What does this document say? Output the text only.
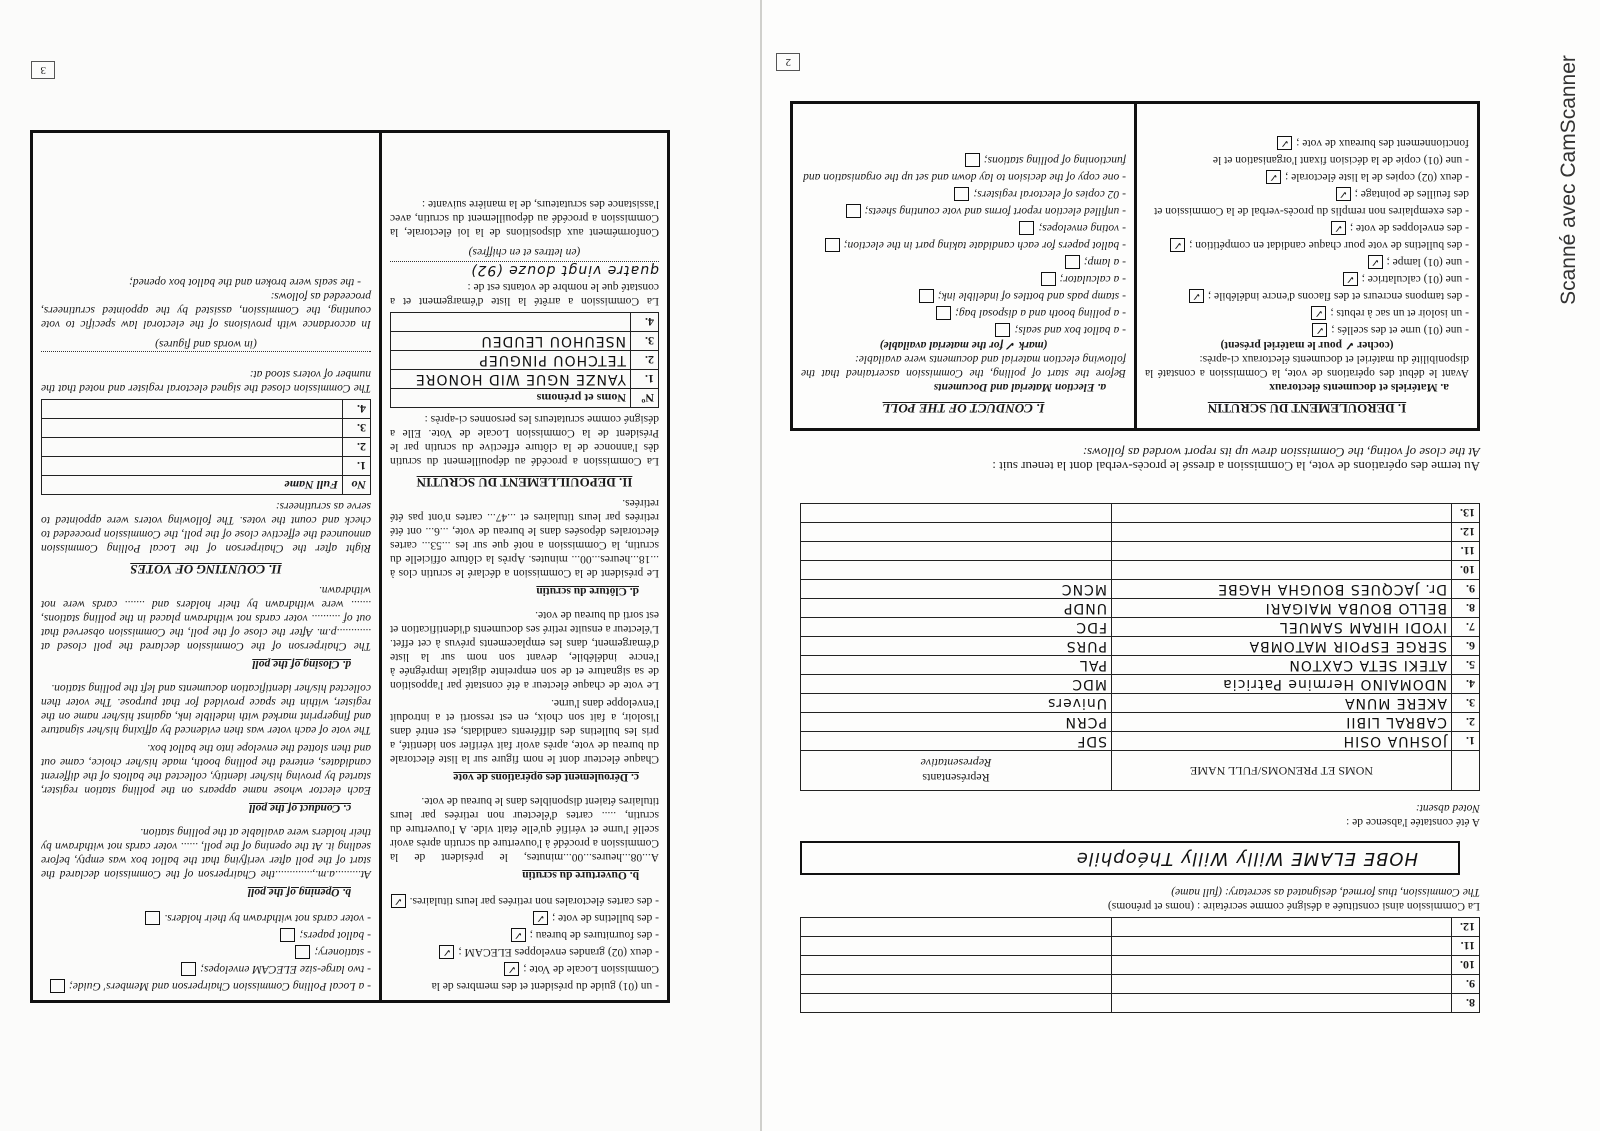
8.		
9.		
10.		
11.		
12.		

La Commission ainsi constituée a désigné comme secrétaire : (noms et prénoms)

The Commission, thus formed, designated as secretary: (full name)

HOBE ELAME Willy Willy Théophile

A été constatée l'absence de :

Noted absent:

	NOMS ET PRENOMS/FULL NAME	Représentants
Representative

1.	JOSHUA OSIH	SDF
2.	CABRAL LIBII	PCRN
3.	AKERE MUNA	Univers
4.	NDOMAINO Hermine Patricia	MDC
5.	ATEKI SETA CAXTON	PAL
6.	SERGE ESPOIR MATOMBA	PURS
7.	IYODI HIRAM SAMUEL	FDC
8.	BELLO BOUBA MAIGARI	UNDP
9.	Dr. JACQUES BOUGHA HAGBE	MCNC
10.		
11.		
12.		
13.		

Au terme des opérations de vote, la Commission a dressé le procès-verbal dont la teneur suit :

At the close of voting, the Commission drew up its report worded as follows:

I. DEROULEMENT DU SCRUTIN

a. Matériels et documents électoraux

Avant le début des opérations de vote, la Commission a constaté la disponibilité du matériel et documents électoraux ci-après:

(cocher ✓ pour le matériel présent)

- une (01) urne et des scellés ;✓
- un isoloir et un sac à rebuts ;✓
- des tampons encreurs et des flacons d'encre indélébile ;✓
- une (01) calculatrice ;✓
- une (01) lampe ;✓
- des bulletins de vote pour chaque candidat en compétition ;✓
- des enveloppes de vote ;✓
- des exemplaires non remplis du procès-verbal de la Commission et des feuilles de pointage ;✓
- deux (02) copies de la liste électorale ;✓
- une (01) copie de la décision fixant l'organisation et le fonctionnement des bureaux de vote ;✓
I. CONDUCT OF THE POLL

a. Election Material and Documents

Before the start of polling, the Commission ascertained that the following election material and documents were available:

(mark ✓ for the material available)

- a ballot box and seals;
- a polling booth and a disposal bag;
- stamp pads and bottles of indelible ink;
- a calculator;
- a lamp;
- ballot papers for each candidate taking part in the election;
- voting envelopes;
- unfilled election report forms and vote counting sheets;
- 02 copies of electoral registers;
- one copy of the decision to lay down and set up the organisation and functioning of polling stations;
2
- un (01) guide du président et des membres de la Commission Locale de Vote ;✓
- deux (02) grandes enveloppes ELECAM ;✓
- des fournitures de bureau ;✓
- des bulletins de vote ;✓
- des cartes électorales non retirées par leurs titulaires.✓

b. Ouverture du scrutin

A...08...heures...00...minutes, le président de la Commission a procédé à l'ouverture du scrutin après avoir scellé l'urne et vérifié qu'elle était vide. A l'ouverture du scrutin, ..... cartes d'électeur non retirées par leurs titulaires étaient disponibles dans le bureau de vote.

c. Déroulement des opérations de vote

Chaque électeur dont le nom figure sur la liste électorale du bureau de vote, après avoir fait vérifier son identité, a pris les bulletins des différents candidats, est entré dans l'isoloir, a fait son choix, en est ressorti et a introduit l'enveloppe dans l'urne.

Le vote de chaque électeur a été constaté par l'apposition de sa signature et de son empreinte digitale imprégnée à l'encre indélébile, devant son nom sur la liste d'émargement, dans les emplacements prévus à cet effet. L'électeur a ensuite retiré ses documents d'identification et est sorti du bureau de vote.

d. Clôture du scrutin

Le président de la Commission a déclaré le scrutin clos à ...18...heures...00... minutes. Après la clôture officielle du scrutin, la Commission a noté que sur les ...53... cartes électorales déposées dans le bureau de vote, ...6... ont été retirées par leurs titulaires et ...47... cartes n'ont pas été retirées.

II. DEPOUILLEMENT DU SCRUTIN

La Commission a procédé au dépouillement du scrutin dès l'annonce de la clôture effective du scrutin par le Président de la Commission Locale de Vote. Elle a désigné comme scrutateurs les personnes ci-après :

Nº	Noms et prénoms
1.	YANZE NGUE WID HONORE
2.	TETCHOU PINGUEP
3.	NSEUHOU LEUDEU
4.	

La Commission a arrêté la liste d'émargement et a constaté que le nombre de votants est de :

quatre vingt douze (92)

(en lettres et en chiffres)

Conformément aux dispositions de la loi électorale, la Commission a procédé au dépouillement du scrutin, avec l'assistance des scrutateurs, de la manière suivante :

- a Local Polling Commission Chairperson and Members' Guide;
- two large-size ELECAM envelopes;
- stationery;
- ballot papers;
- voter cards not withdrawn by their holders.

b. Opening of the poll

At.........a.m.,.............the Chairperson of the Commission declared the start of the poll after verifying that the ballot box was empty, before sealing it. At the opening of the poll, ...... voter cards not withdrawn by their holders were available at the polling station.

c. Conduct of the poll

Each elector whose name appears on the polling station register, started by proving his/her identity, collected the ballots of the different candidates, entered the polling booth, made his/her choice, came out and then slotted the envelope into the ballot box.

The vote of each voter was then evidenced by affixing his/her signature and fingerprint marked with indelible ink, against his/her name on the register, within the space provided for that purpose. The voter then collected his/her identification documents and left the polling station.

d. Closing of the poll

The Chairperson of the Commission declared the poll closed at ............p.m. After the close of the poll, the Commission observed that out of .......... voter cards not withdrawn placed in the polling stations, ....... were withdrawn by their holders and ....... cards were not withdrawn.

II. COUNTING OF VOTES

Right after the Chairperson of the Local Polling Commission announced the effective close of the poll, the Commission proceeded to check and count the votes. The following voters were appointed to serve as scrutineers:

No	Full Name
1.	
2.	
3.	
4.	

The Commission closed the signed electoral register and noted that the number of voters stood at:

(in words and figures)

In accordance with provisions of the electoral law specific to vote counting, the Commission, assisted by the appointed scrutineers, proceeded as follows:

- the seals were broken and the ballot box opened;

3	Scanné avec CamScanner
